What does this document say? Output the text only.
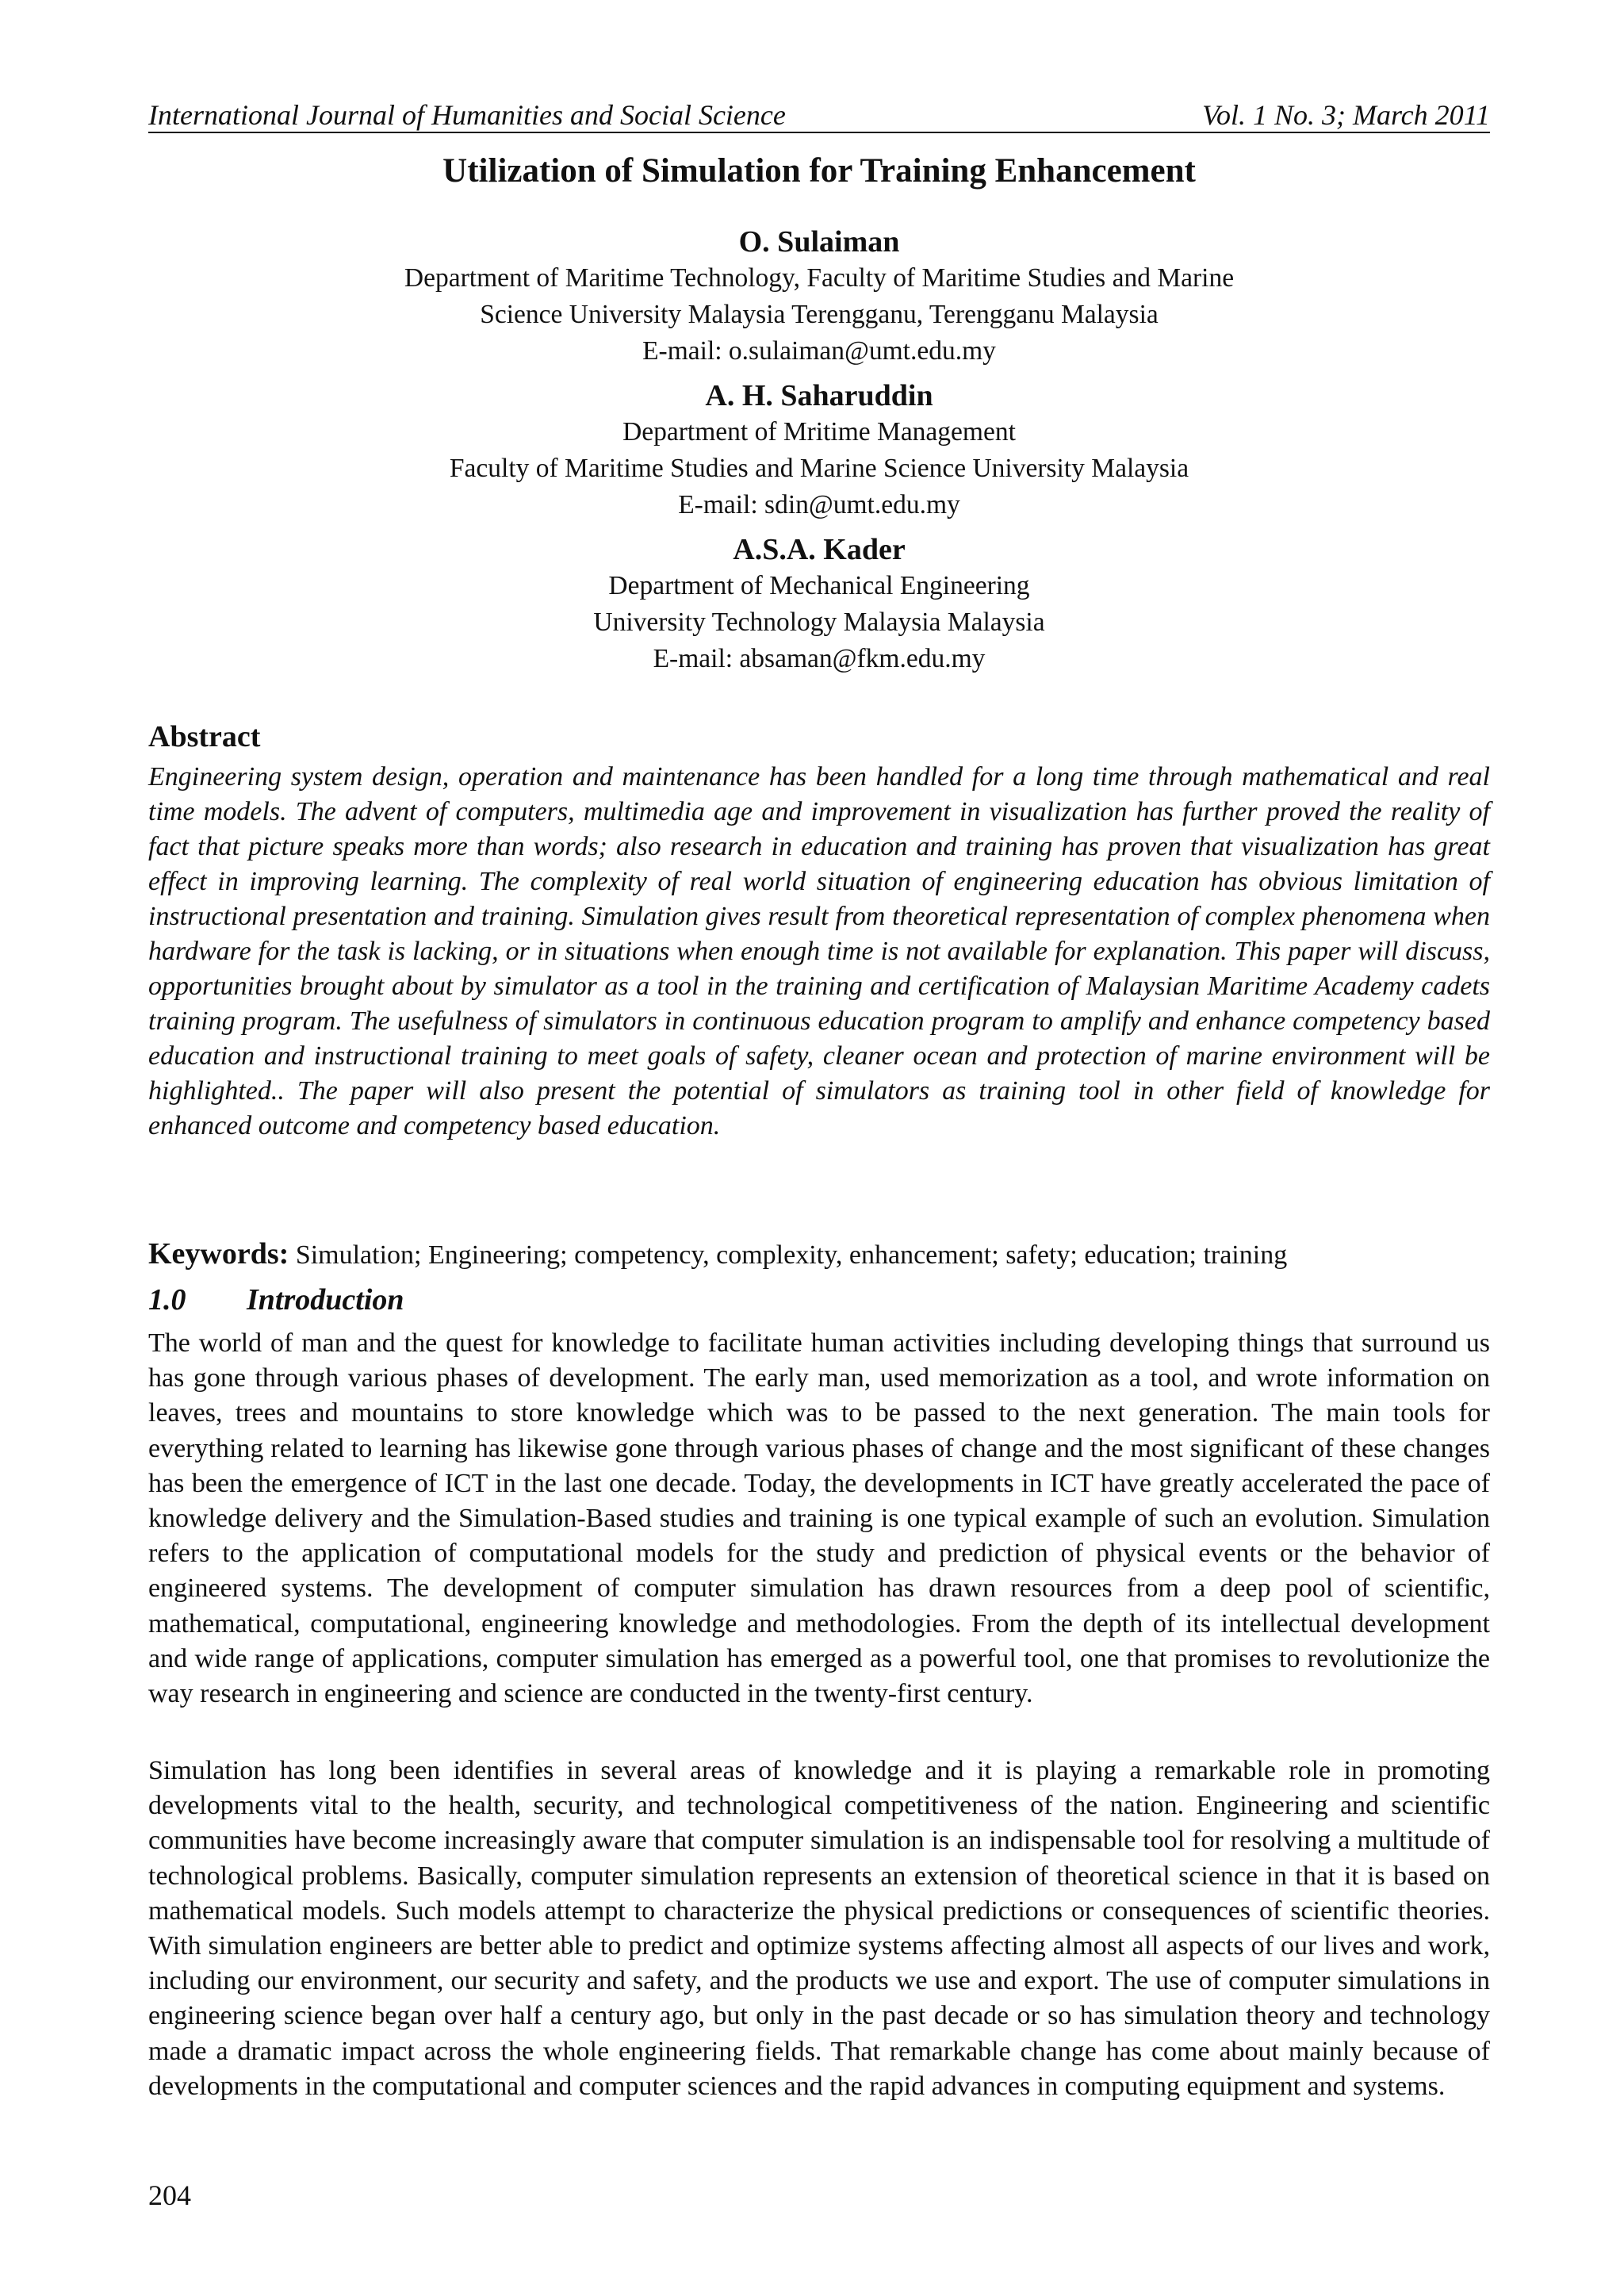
International Journal of Humanities and Social Science	Vol. 1 No. 3; March 2011
Utilization of Simulation for Training Enhancement
O. Sulaiman
Department of Maritime Technology, Faculty of Maritime Studies and Marine
Science University Malaysia Terengganu, Terengganu Malaysia
E-mail: o.sulaiman@umt.edu.my
A. H. Saharuddin
Department of Mritime Management
Faculty of Maritime Studies and Marine Science University Malaysia
E-mail: sdin@umt.edu.my
A.S.A. Kader
Department of Mechanical Engineering
University Technology Malaysia Malaysia
E-mail: absaman@fkm.edu.my
Abstract

Engineering system design, operation and maintenance has been handled for a long time through mathematical and real time models. The advent of computers, multimedia age and improvement in visualization has further proved the reality of fact that picture speaks more than words; also research in education and training has proven that visualization has great effect in improving learning. The complexity of real world situation of engineering education has obvious limitation of instructional presentation and training. Simulation gives result from theoretical representation of complex phenomena when hardware for the task is lacking, or in situations when enough time is not available for explanation. This paper will discuss, opportunities brought about by simulator as a tool in the training and certification of Malaysian Maritime Academy cadets training program. The usefulness of simulators in continuous education program to amplify and enhance competency based education and instructional training to meet goals of safety, cleaner ocean and protection of marine environment will be highlighted.. The paper will also present the potential of simulators as training tool in other field of knowledge for enhanced outcome and competency based education.

Keywords: Simulation; Engineering; competency, complexity, enhancement; safety; education; training
1.0 Introduction

The world of man and the quest for knowledge to facilitate human activities including developing things that surround us has gone through various phases of development. The early man, used memorization as a tool, and wrote information on leaves, trees and mountains to store knowledge which was to be passed to the next generation. The main tools for everything related to learning has likewise gone through various phases of change and the most significant of these changes has been the emergence of ICT in the last one decade. Today, the developments in ICT have greatly accelerated the pace of knowledge delivery and the Simulation-Based studies and training is one typical example of such an evolution. Simulation refers to the application of computational models for the study and prediction of physical events or the behavior of engineered systems. The development of computer simulation has drawn resources from a deep pool of scientific, mathematical, computational, engineering knowledge and methodologies. From the depth of its intellectual development and wide range of applications, computer simulation has emerged as a powerful tool, one that promises to revolutionize the way research in engineering and science are conducted in the twenty-first century.

Simulation has long been identifies in several areas of knowledge and it is playing a remarkable role in promoting developments vital to the health, security, and technological competitiveness of the nation. Engineering and scientific communities have become increasingly aware that computer simulation is an indispensable tool for resolving a multitude of technological problems. Basically, computer simulation represents an extension of theoretical science in that it is based on mathematical models. Such models attempt to characterize the physical predictions or consequences of scientific theories. With simulation engineers are better able to predict and optimize systems affecting almost all aspects of our lives and work, including our environment, our security and safety, and the products we use and export. The use of computer simulations in engineering science began over half a century ago, but only in the past decade or so has simulation theory and technology made a dramatic impact across the whole engineering fields. That remarkable change has come about mainly because of developments in the computational and computer sciences and the rapid advances in computing equipment and systems.

204
